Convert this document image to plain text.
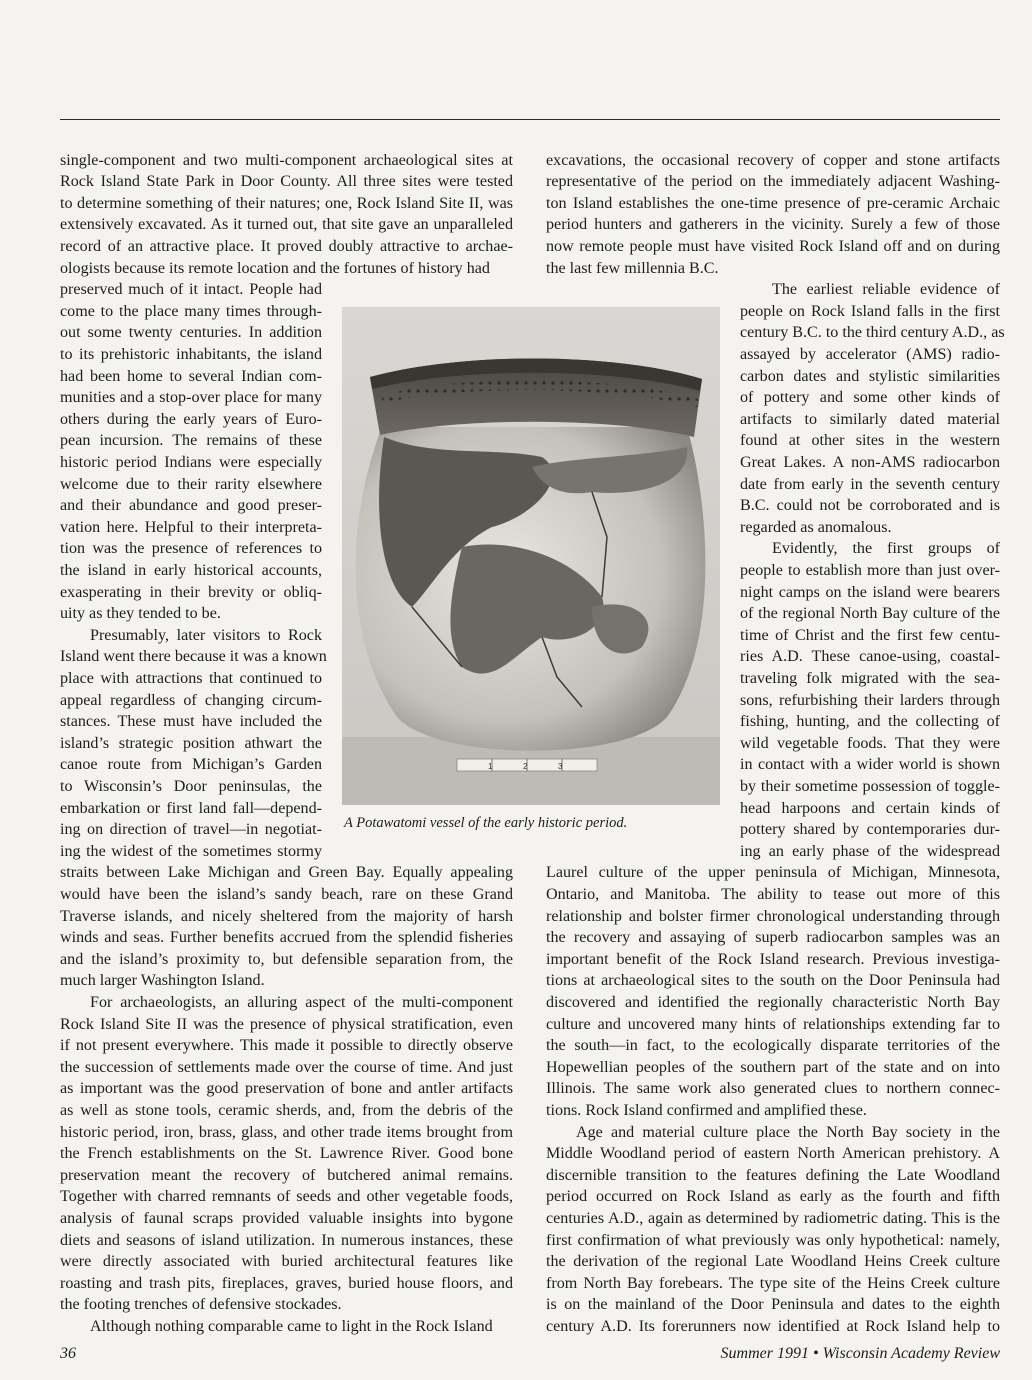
single-component and two multi-component archaeological sites at
Rock Island State Park in Door County. All three sites were tested
to determine something of their natures; one, Rock Island Site II, was
extensively excavated. As it turned out, that site gave an unparalleled
record of an attractive place. It proved doubly attractive to archae-
ologists because its remote location and the fortunes of history had
preserved much of it intact. People had
come to the place many times through-
out some twenty centuries. In addition
to its prehistoric inhabitants, the island
had been home to several Indian com-
munities and a stop-over place for many
others during the early years of Euro-
pean incursion. The remains of these
historic period Indians were especially
welcome due to their rarity elsewhere
and their abundance and good preser-
vation here. Helpful to their interpreta-
tion was the presence of references to
the island in early historical accounts,
exasperating in their brevity or obliq-
uity as they tended to be.
Presumably, later visitors to Rock
Island went there because it was a known
place with attractions that continued to
appeal regardless of changing circum-
stances. These must have included the
island’s strategic position athwart the
canoe route from Michigan’s Garden
to Wisconsin’s Door peninsulas, the
embarkation or first land fall—depend-
ing on direction of travel—in negotiat-
ing the widest of the sometimes stormy
straits between Lake Michigan and Green Bay. Equally appealing
would have been the island’s sandy beach, rare on these Grand
Traverse islands, and nicely sheltered from the majority of harsh
winds and seas. Further benefits accrued from the splendid fisheries
and the island’s proximity to, but defensible separation from, the
much larger Washington Island.
For archaeologists, an alluring aspect of the multi-component
Rock Island Site II was the presence of physical stratification, even
if not present everywhere. This made it possible to directly observe
the succession of settlements made over the course of time. And just
as important was the good preservation of bone and antler artifacts
as well as stone tools, ceramic sherds, and, from the debris of the
historic period, iron, brass, glass, and other trade items brought from
the French establishments on the St. Lawrence River. Good bone
preservation meant the recovery of butchered animal remains.
Together with charred remnants of seeds and other vegetable foods,
analysis of faunal scraps provided valuable insights into bygone
diets and seasons of island utilization. In numerous instances, these
were directly associated with buried architectural features like
roasting and trash pits, fireplaces, graves, buried house floors, and
the footing trenches of defensive stockades.
Although nothing comparable came to light in the Rock Island
excavations, the occasional recovery of copper and stone artifacts
representative of the period on the immediately adjacent Washing-
ton Island establishes the one-time presence of pre-ceramic Archaic
period hunters and gatherers in the vicinity. Surely a few of those
now remote people must have visited Rock Island off and on during
the last few millennia B.C.
The earliest reliable evidence of
people on Rock Island falls in the first
century B.C. to the third century A.D., as
assayed by accelerator (AMS) radio-
carbon dates and stylistic similarities
of pottery and some other kinds of
artifacts to similarly dated material
found at other sites in the western
Great Lakes. A non-AMS radiocarbon
date from early in the seventh century
B.C. could not be corroborated and is
regarded as anomalous.
Evidently, the first groups of
people to establish more than just over-
night camps on the island were bearers
of the regional North Bay culture of the
time of Christ and the first few centu-
ries A.D. These canoe-using, coastal-
traveling folk migrated with the sea-
sons, refurbishing their larders through
fishing, hunting, and the collecting of
wild vegetable foods. That they were
in contact with a wider world is shown
by their sometime possession of toggle-
head harpoons and certain kinds of
pottery shared by contemporaries dur-
ing an early phase of the widespread
Laurel culture of the upper peninsula of Michigan, Minnesota,
Ontario, and Manitoba. The ability to tease out more of this
relationship and bolster firmer chronological understanding through
the recovery and assaying of superb radiocarbon samples was an
important benefit of the Rock Island research. Previous investiga-
tions at archaeological sites to the south on the Door Peninsula had
discovered and identified the regionally characteristic North Bay
culture and uncovered many hints of relationships extending far to
the south—in fact, to the ecologically disparate territories of the
Hopewellian peoples of the southern part of the state and on into
Illinois. The same work also generated clues to northern connec-
tions. Rock Island confirmed and amplified these.
Age and material culture place the North Bay society in the
Middle Woodland period of eastern North American prehistory. A
discernible transition to the features defining the Late Woodland
period occurred on Rock Island as early as the fourth and fifth
centuries A.D., again as determined by radiometric dating. This is the
first confirmation of what previously was only hypothetical: namely,
the derivation of the regional Late Woodland Heins Creek culture
from North Bay forebears. The type site of the Heins Creek culture
is on the mainland of the Door Peninsula and dates to the eighth
century A.D. Its forerunners now identified at Rock Island help to
1	2	3
A Potawatomi vessel of the early historic period.
36	Summer 1991 • Wisconsin Academy Review
